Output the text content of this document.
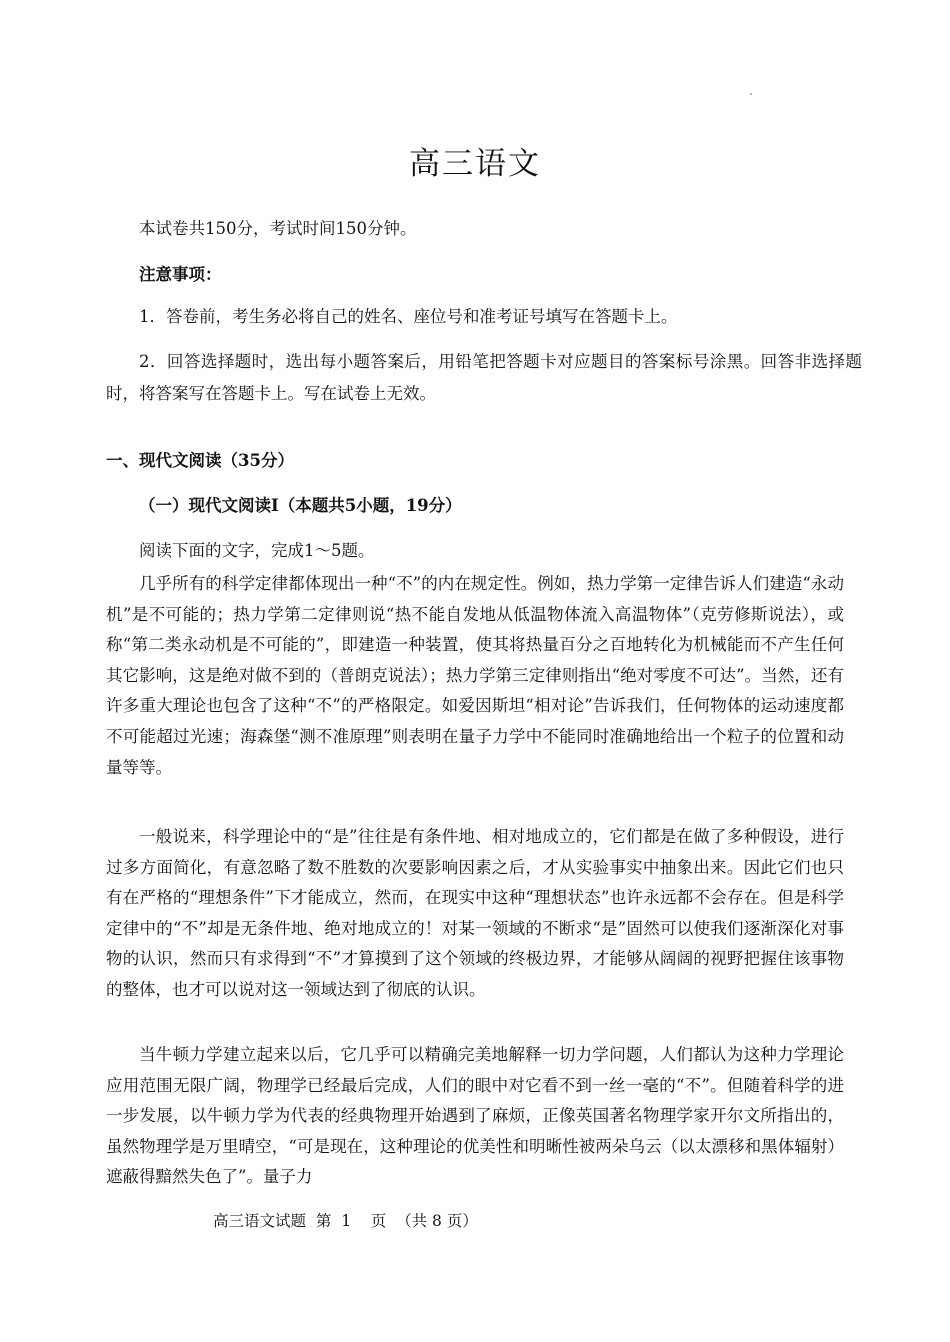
高三语文
本试卷共150分，考试时间150分钟。
注意事项：
1．答卷前，考生务必将自己的姓名、座位号和准考证号填写在答题卡上。
2．回答选择题时，选出每小题答案后，用铅笔把答题卡对应题目的答案标号涂黑。回答非选择题时，将答案写在答题卡上。写在试卷上无效。
一、现代文阅读（35分）
（一）现代文阅读Ⅰ（本题共5小题，19分）
阅读下面的文字，完成1～5题。
几乎所有的科学定律都体现出一种“不”的内在规定性。例如，热力学第一定律告诉人们建造“永动机”是不可能的；热力学第二定律则说“热不能自发地从低温物体流入高温物体”（克劳修斯说法），或称“第二类永动机是不可能的”，即建造一种装置，使其将热量百分之百地转化为机械能而不产生任何其它影响，这是绝对做不到的（普朗克说法）；热力学第三定律则指出“绝对零度不可达”。当然，还有许多重大理论也包含了这种“不”的严格限定。如爱因斯坦“相对论”告诉我们，任何物体的运动速度都不可能超过光速；海森堡“测不准原理”则表明在量子力学中不能同时准确地给出一个粒子的位置和动量等等。
一般说来，科学理论中的“是”往往是有条件地、相对地成立的，它们都是在做了多种假设，进行过多方面简化，有意忽略了数不胜数的次要影响因素之后，才从实验事实中抽象出来。因此它们也只有在严格的“理想条件”下才能成立，然而，在现实中这种“理想状态”也许永远都不会存在。但是科学定律中的“不”却是无条件地、绝对地成立的！对某一领域的不断求“是”固然可以使我们逐渐深化对事物的认识，然而只有求得到“不”才算摸到了这个领域的终极边界，才能够从阔阔的视野把握住该事物的整体，也才可以说对这一领域达到了彻底的认识。
当牛顿力学建立起来以后，它几乎可以精确完美地解释一切力学问题，人们都认为这种力学理论应用范围无限广阔，物理学已经最后完成，人们的眼中对它看不到一丝一毫的“不”。但随着科学的进一步发展，以牛顿力学为代表的经典物理开始遇到了麻烦，正像英国著名物理学家开尔文所指出的，虽然物理学是万里晴空，“可是现在，这种理论的优美性和明晰性被两朵乌云（以太漂移和黑体辐射）遮蔽得黯然失色了”。量子力
高三语文试题  第  1    页  （共 8 页）
